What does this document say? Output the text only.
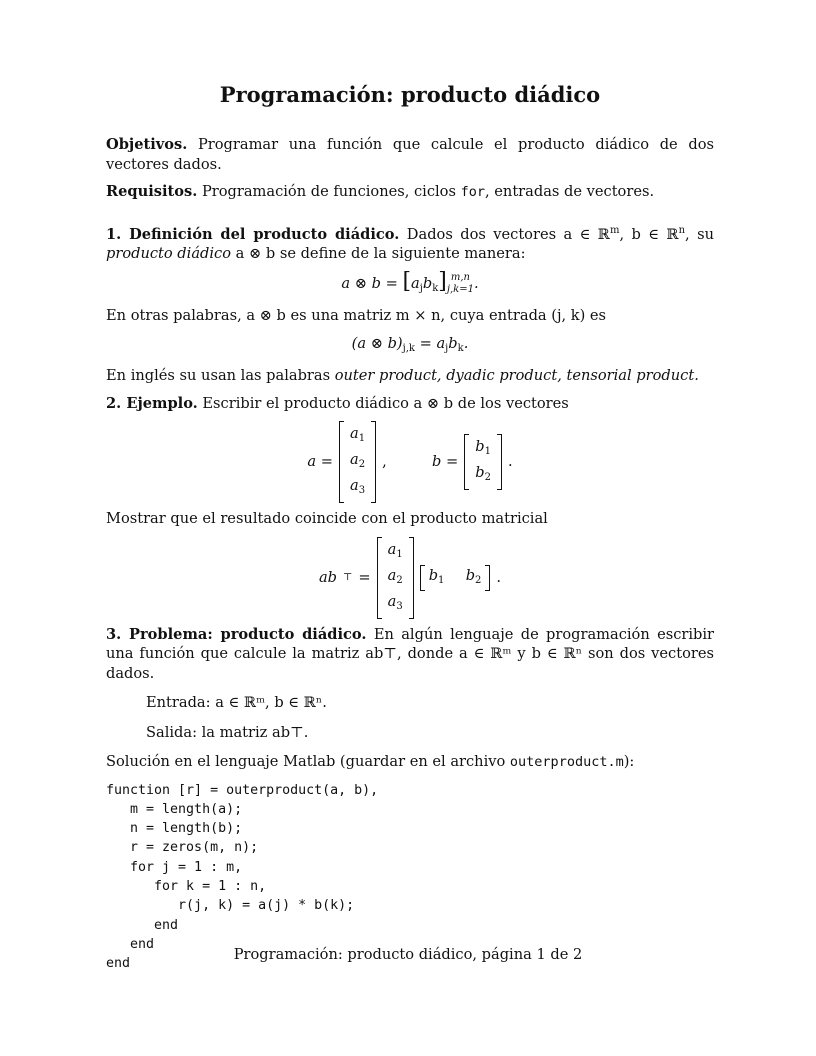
Programación: producto diádico

Objetivos. Programar una función que calcule el producto diádico de dos vectores dados.

Requisitos. Programación de funciones, ciclos for, entradas de vectores.

1. Definición del producto diádico. Dados dos vectores a ∈ ℝ$^m$, b ∈ ℝ$^n$, su producto diádico a ⊗ b se define de la siguiente manera:

a ⊗ $b = [a_jb_k]$ m,n
j,k=1 .

En otras palabras, a ⊗ b es una matriz m × n, cuya entrada (j, k) es

(a ⊗ $b)_{j,k} = a_jb_k$.

En inglés su usan las palabras outer product, dyadic product, tensorial product.

2. Ejemplo. Escribir el producto diádico a ⊗ b de los vectores

a =
$a_1$
$a_2$
$a_3$
,
	b =
$b_1$
$b_2$
.

Mostrar que el resultado coincide con el producto matricial

ab ⊤ =
$a_1$
$a_2$
$a_3$
$b_1$ $b_2$	.

3. Problema: producto diádico. En algún lenguaje de programación escribir una función que calcule la matriz ab⊤, donde a ∈ ℝᵐ y b ∈ ℝⁿ son dos vectores dados.

Entrada: a ∈ ℝᵐ, b ∈ ℝⁿ.

Salida: la matriz ab⊤.

Solución en el lenguaje Matlab (guardar en el archivo outerproduct.m):

function [r] = outerproduct(a, b),
m = length(a);
n = length(b);
r = zeros(m, n);
for j = 1 : m,
for k = 1 : n,
r(j, k) = a(j) * b(k);
end
end
end
Programación: producto diádico, página 1 de 2
